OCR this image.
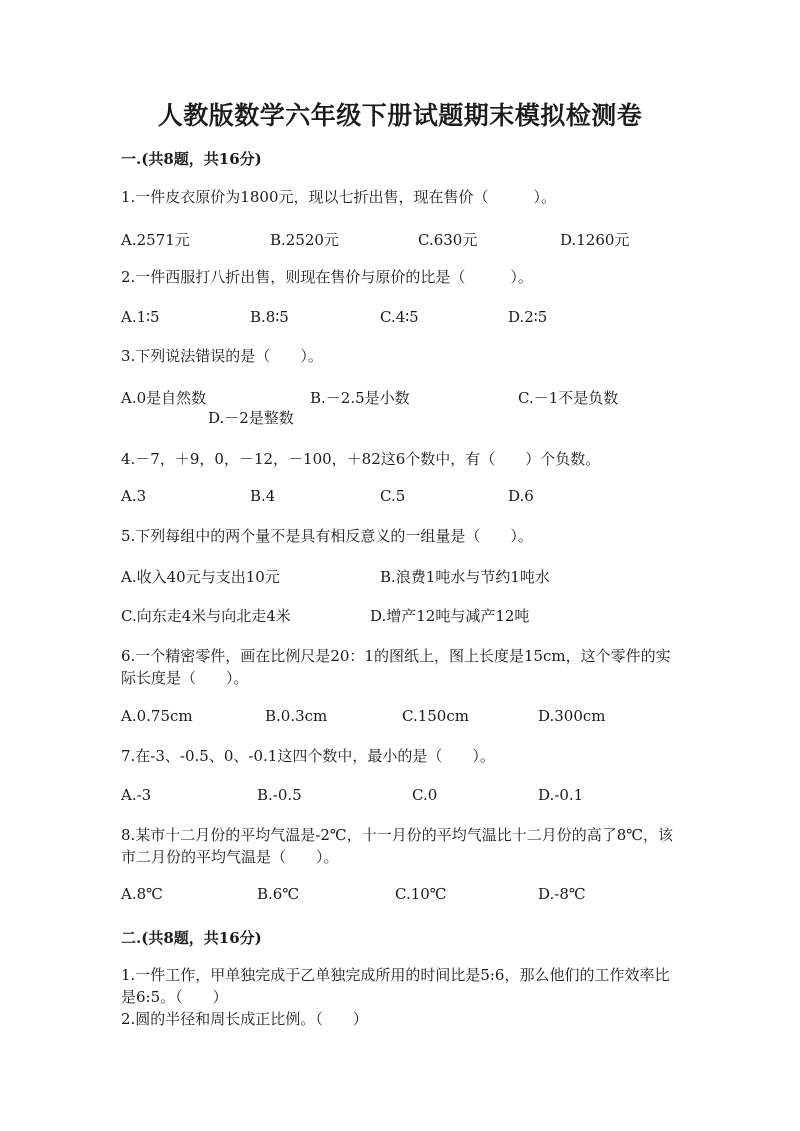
人教版数学六年级下册试题期末模拟检测卷
一.(共8题，共16分)
1.一件皮衣原价为1800元，现以七折出售，现在售价（　　　）。
A.2571元	B.2520元	C.630元	D.1260元
2.一件西服打八折出售，则现在售价与原价的比是（　　　）。
A.1∶5	B.8∶5	C.4∶5	D.2∶5
3.下列说法错误的是（　　）。
A.0是自然数	B.－2.5是小数	C.－1不是负数
D.－2是整数
4.－7，＋9，0，－12，－100，＋82这6个数中，有（　　）个负数。
A.3	B.4	C.5	D.6
5.下列每组中的两个量不是具有相反意义的一组量是（　　）。
A.收入40元与支出10元	B.浪费1吨水与节约1吨水
C.向东走4米与向北走4米	D.增产12吨与减产12吨
6.一个精密零件，画在比例尺是20：1的图纸上，图上长度是15cm，这个零件的实际长度是（　　）。
A.0.75cm	B.0.3cm	C.150cm	D.300cm
7.在-3、-0.5、0、-0.1这四个数中，最小的是（　　）。
A.-3	B.-0.5	C.0	D.-0.1
8.某市十二月份的平均气温是-2℃，十一月份的平均气温比十二月份的高了8℃，该市二月份的平均气温是（　　）。
A.8℃	B.6℃	C.10℃	D.-8℃
二.(共8题，共16分)
1.一件工作，甲单独完成于乙单独完成所用的时间比是5:6，那么他们的工作效率比是6:5。（　　）
2.圆的半径和周长成正比例。（　　）
